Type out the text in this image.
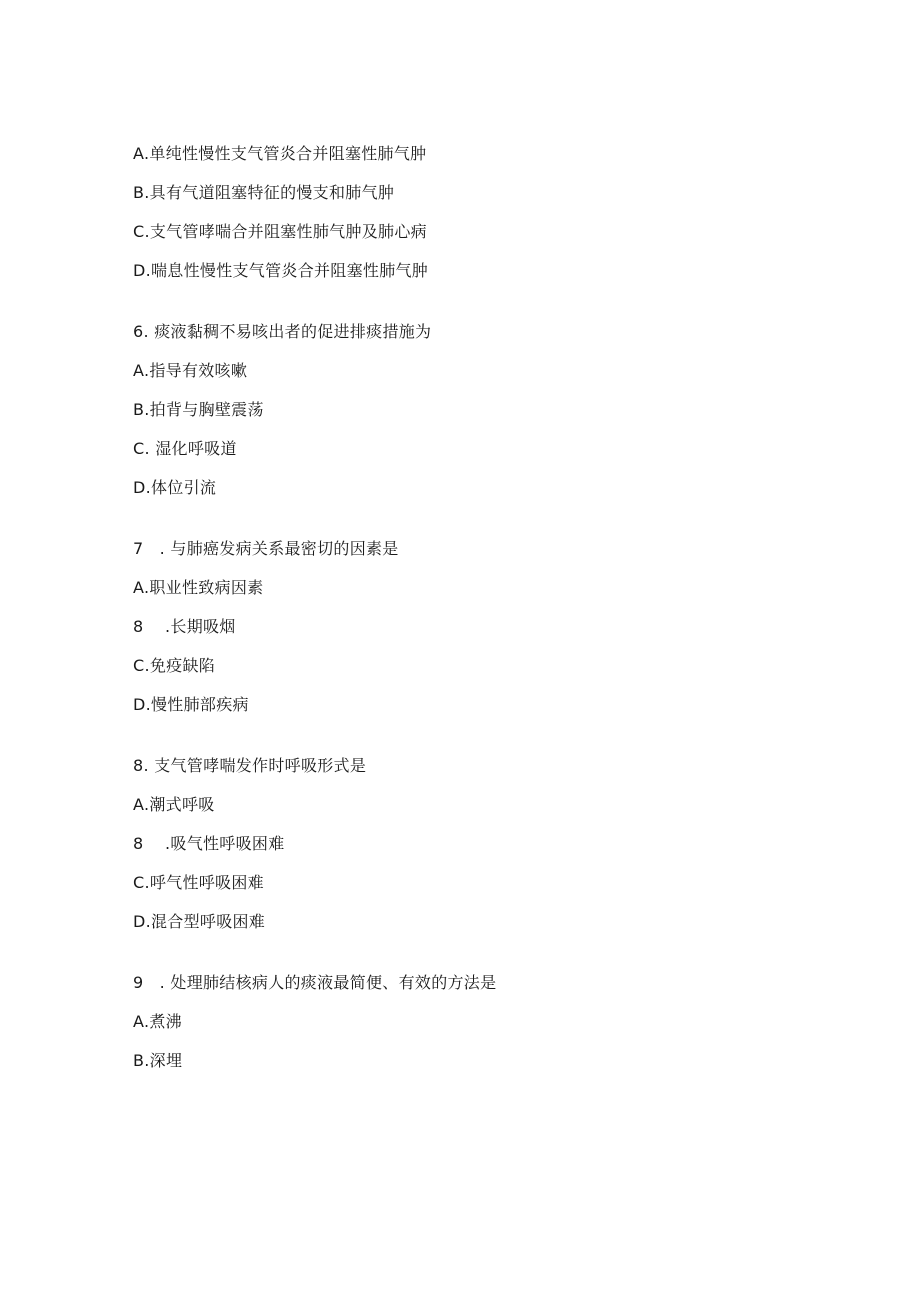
A.单纯性慢性支气管炎合并阻塞性肺气肿
B.具有气道阻塞特征的慢支和肺气肿
C.支气管哮喘合并阻塞性肺气肿及肺心病
D.喘息性慢性支气管炎合并阻塞性肺气肿
6. 痰液黏稠不易咳出者的促进排痰措施为
A.指导有效咳嗽
B.拍背与胸壁震荡
C. 湿化呼吸道
D.体位引流
7   . 与肺癌发病关系最密切的因素是
A.职业性致病因素
8    .长期吸烟
C.免疫缺陷
D.慢性肺部疾病
8. 支气管哮喘发作时呼吸形式是
A.潮式呼吸
8    .吸气性呼吸困难
C.呼气性呼吸困难
D.混合型呼吸困难
9   . 处理肺结核病人的痰液最简便、有效的方法是
A.煮沸
B.深埋
